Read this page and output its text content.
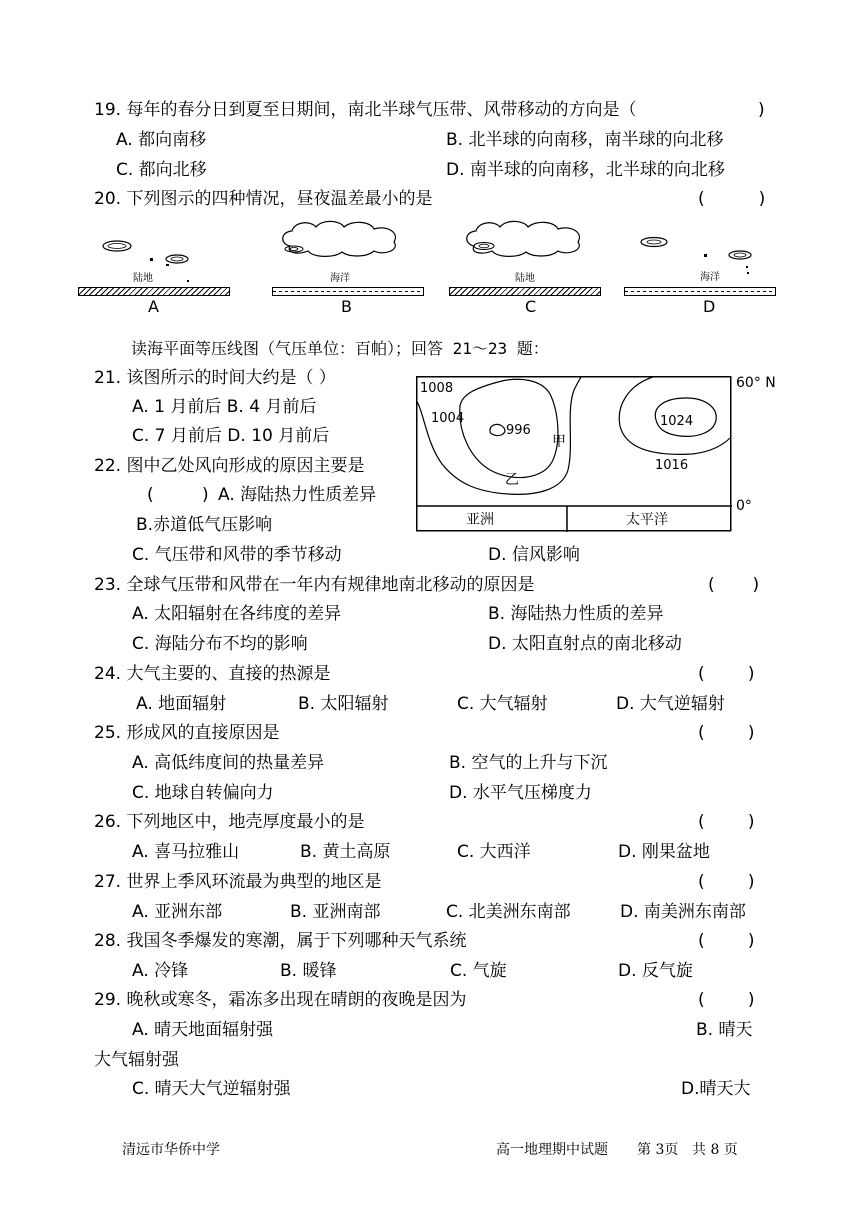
19. 每年的春分日到夏至日期间，南北半球气压带、风带移动的方向是（	)
A. 都向南移	B. 北半球的向南移，南半球的向北移
C. 都向北移	D. 南半球的向南移，北半球的向北移
20. 下列图示的四种情况，昼夜温差最小的是	(          )
陆地
A
海洋
B
陆地
C
海洋
D
读海平面等压线图（气压单位：百帕）；回答 21～23 题：
21. 该图所示的时间大约是（ ）
A. 1 月前后 B. 4 月前后
C. 7 月前后 D. 10 月前后
1008
1004
996
1024
1016
甲
乙
亚洲	太平洋
60° N
0°
22. 图中乙处风向形成的原因主要是
(	) A. 海陆热力性质差异
B.赤道低气压影响
C. 气压带和风带的季节移动	D. 信风影响
23. 全球气压带和风带在一年内有规律地南北移动的原因是	(       )
A. 太阳辐射在各纬度的差异	B. 海陆热力性质的差异
C. 海陆分布不均的影响	D. 太阳直射点的南北移动
24. 大气主要的、直接的热源是	(        )
A. 地面辐射	B. 太阳辐射	C. 大气辐射	D. 大气逆辐射
25. 形成风的直接原因是	(        )
A. 高低纬度间的热量差异	B. 空气的上升与下沉
C. 地球自转偏向力	D. 水平气压梯度力
26. 下列地区中，地壳厚度最小的是	(        )
A. 喜马拉雅山	B. 黄土高原	C. 大西洋	D. 刚果盆地
27. 世界上季风环流最为典型的地区是	(        )
A. 亚洲东部	B. 亚洲南部	C. 北美洲东南部	D. 南美洲东南部
28. 我国冬季爆发的寒潮，属于下列哪种天气系统	(        )
A. 冷锋	B. 暖锋	C. 气旋	D. 反气旋
29. 晚秋或寒冬，霜冻多出现在晴朗的夜晚是因为	(        )
A. 晴天地面辐射强	B. 晴天
大气辐射强
C. 晴天大气逆辐射强	D.晴天大
清远市华侨中学	高一地理期中试题 第 3页 共 8 页
